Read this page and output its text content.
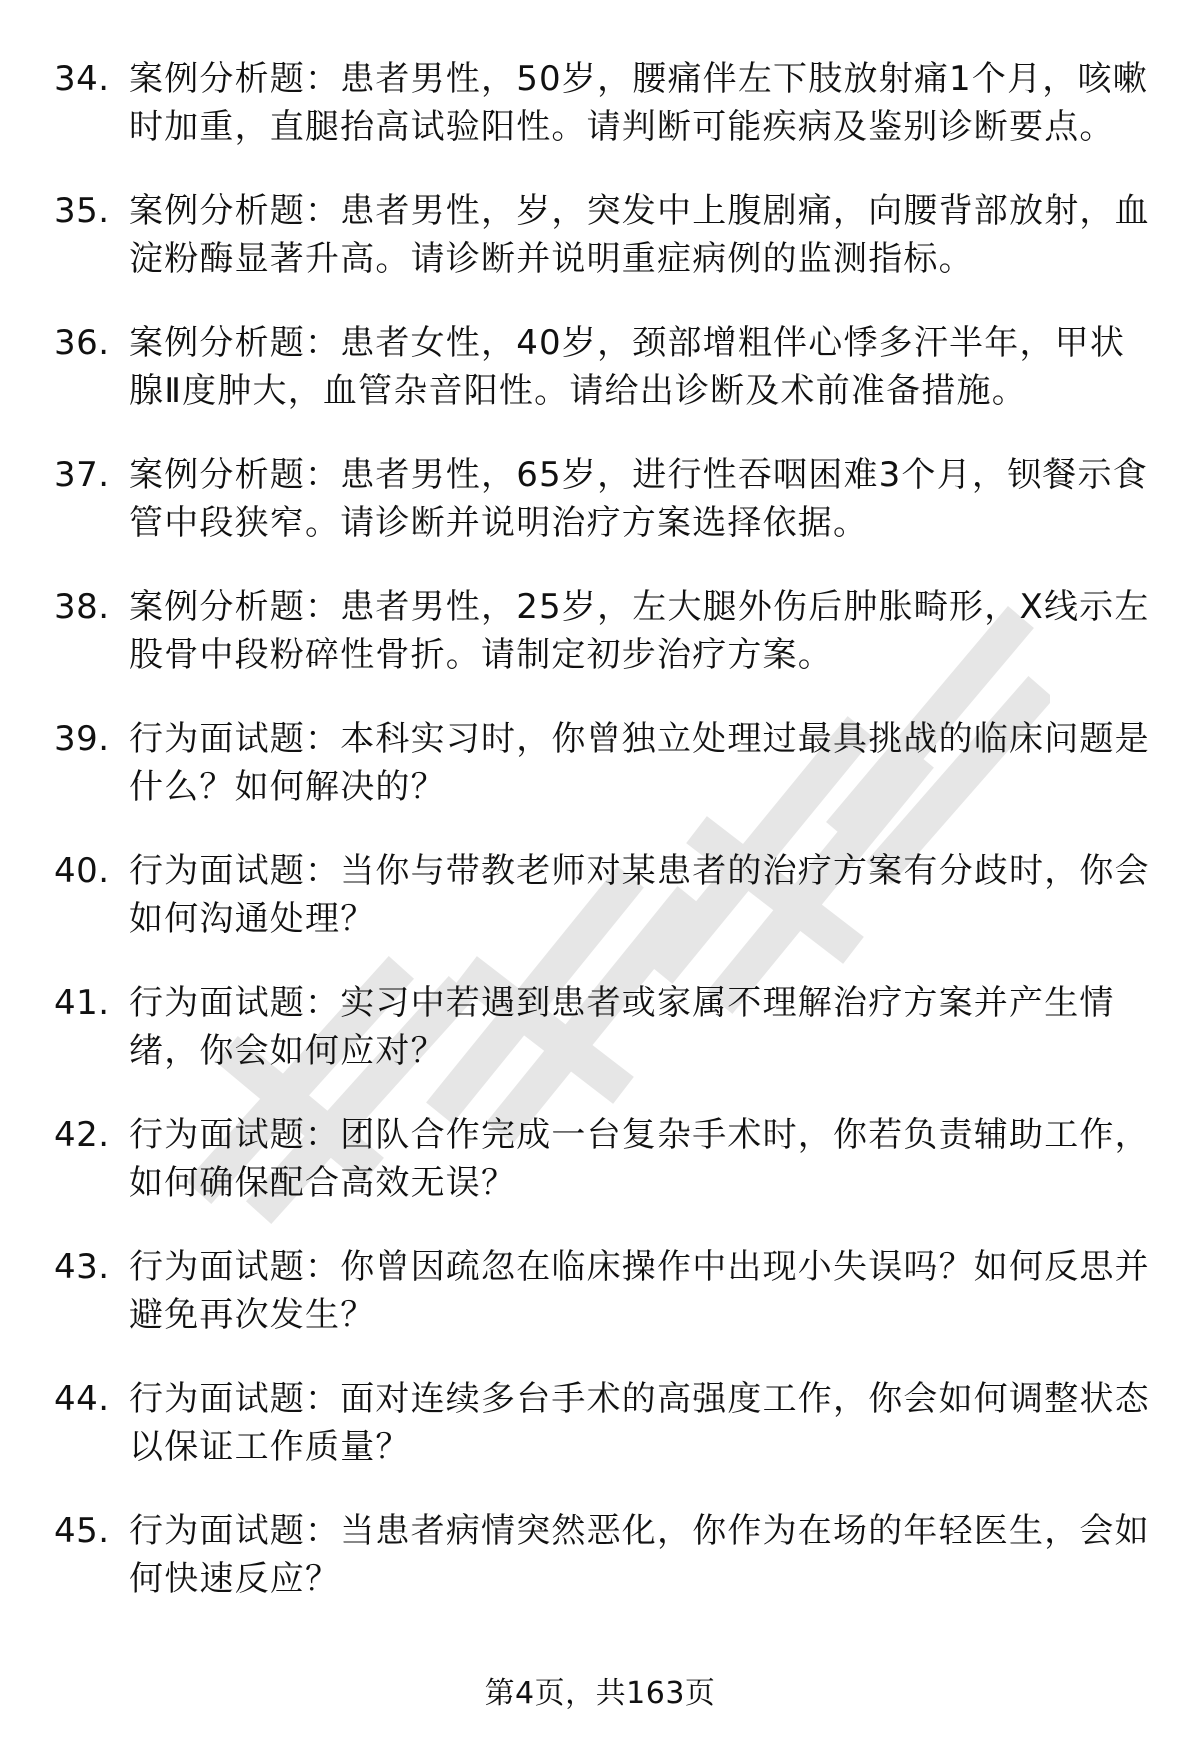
34. 案例分析题：患者男性，50岁，腰痛伴左下肢放射痛1个月，咳嗽时加重，直腿抬高试验阳性。请判断可能疾病及鉴别诊断要点。
35. 案例分析题：患者男性，岁，突发中上腹剧痛，向腰背部放射，血淀粉酶显著升高。请诊断并说明重症病例的监测指标。
36. 案例分析题：患者女性，40岁，颈部增粗伴心悸多汗半年，甲状腺Ⅱ度肿大，血管杂音阳性。请给出诊断及术前准备措施。
37. 案例分析题：患者男性，65岁，进行性吞咽困难3个月，钡餐示食管中段狭窄。请诊断并说明治疗方案选择依据。
38. 案例分析题：患者男性，25岁，左大腿外伤后肿胀畸形，X线示左股骨中段粉碎性骨折。请制定初步治疗方案。
39. 行为面试题：本科实习时，你曾独立处理过最具挑战的临床问题是什么？如何解决的？
40. 行为面试题：当你与带教老师对某患者的治疗方案有分歧时，你会如何沟通处理？
41. 行为面试题：实习中若遇到患者或家属不理解治疗方案并产生情绪，你会如何应对？
42. 行为面试题：团队合作完成一台复杂手术时，你若负责辅助工作，如何确保配合高效无误？
43. 行为面试题：你曾因疏忽在临床操作中出现小失误吗？如何反思并避免再次发生？
44. 行为面试题：面对连续多台手术的高强度工作，你会如何调整状态以保证工作质量？
45. 行为面试题：当患者病情突然恶化，你作为在场的年轻医生，会如何快速反应？
第4页，共163页
